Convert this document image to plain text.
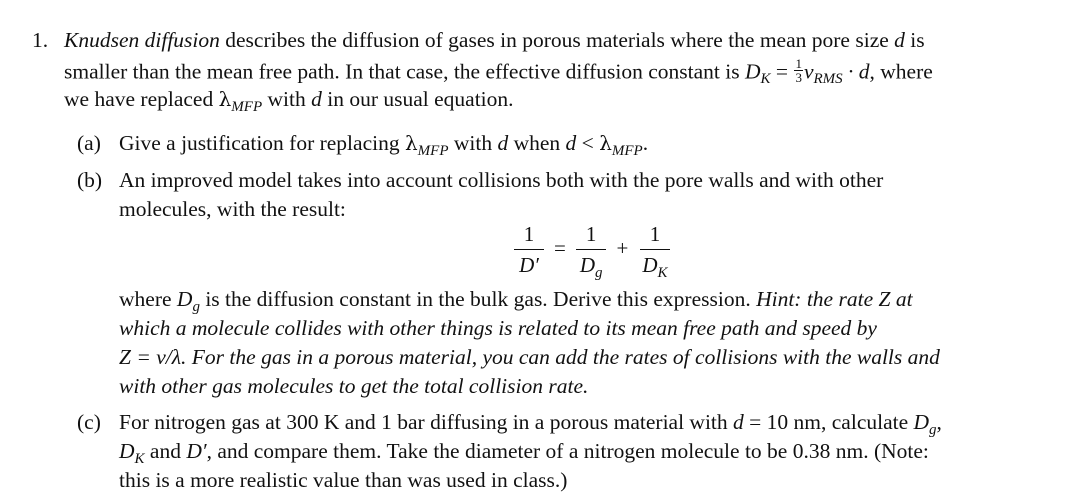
1. Knudsen diffusion describes the diffusion of gases in porous materials where the mean pore size d is
smaller than the mean free path. In that case, the effective diffusion constant is $D_K = \frac{1}{3} v_{RMS} \cdot d$, where
we have replaced $\lambda_{MFP}$ with d in our usual equation.
(a) Give a justification for replacing $\lambda_{MFP}$ with d when $d < \lambda_{MFP}$.
(b) An improved model takes into account collisions both with the pore walls and with other
molecules, with the result:
$\frac{1}{D'} = \frac{1}{D_g} + \frac{1}{D_K}$
where $D_g$ is the diffusion constant in the bulk gas. Derive this expression. Hint: the rate Z at
which a molecule collides with other things is related to its mean free path and speed by
Z = v/λ. For the gas in a porous material, you can add the rates of collisions with the walls and
with other gas molecules to get the total collision rate.
(c) For nitrogen gas at 300 K and 1 bar diffusing in a porous material with d = 10 nm, calculate $D_g$,
$D_K$ and D′, and compare them. Take the diameter of a nitrogen molecule to be 0.38 nm. (Note:
this is a more realistic value than was used in class.)
